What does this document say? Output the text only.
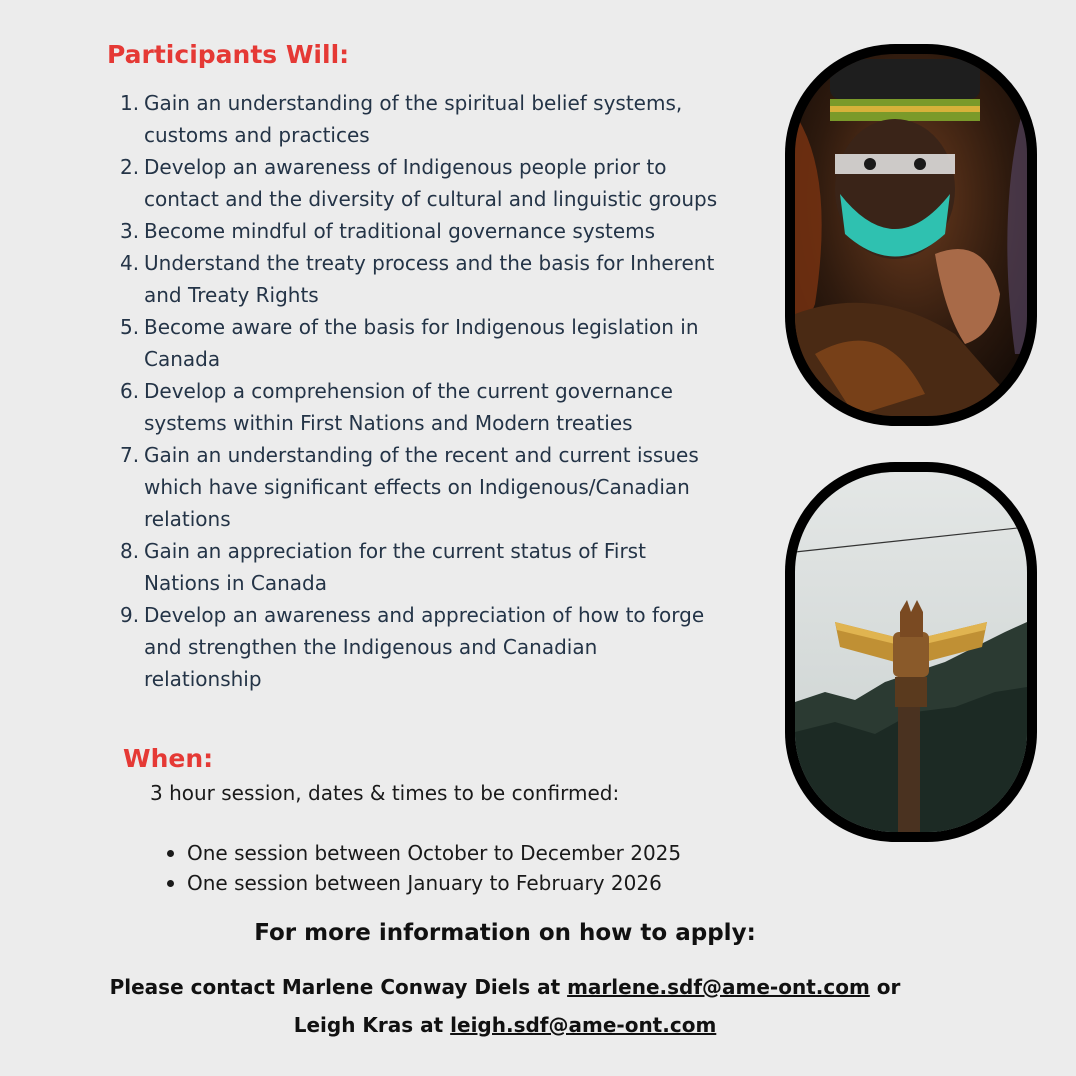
Participants Will:
1. Gain an understanding of the spiritual belief systems, customs and practices
2. Develop an awareness of Indigenous people prior to contact and the diversity of cultural and linguistic groups
3. Become mindful of traditional governance systems
4. Understand the treaty process and the basis for Inherent and Treaty Rights
5. Become aware of the basis for Indigenous legislation in Canada
6. Develop a comprehension of the current governance systems within First Nations and Modern treaties
7. Gain an understanding of the recent and current issues which have significant effects on Indigenous/Canadian relations
8. Gain an appreciation for the current status of First Nations in Canada
9. Develop an awareness and appreciation of how to forge and strengthen the Indigenous and Canadian relationship
When:
3 hour session, dates & times to be confirmed:
One session between October to December 2025
One session between January to February 2026
For more information on how to apply:
Please contact Marlene Conway Diels at marlene.sdf@ame-ont.com or
Leigh Kras at leigh.sdf@ame-ont.com
